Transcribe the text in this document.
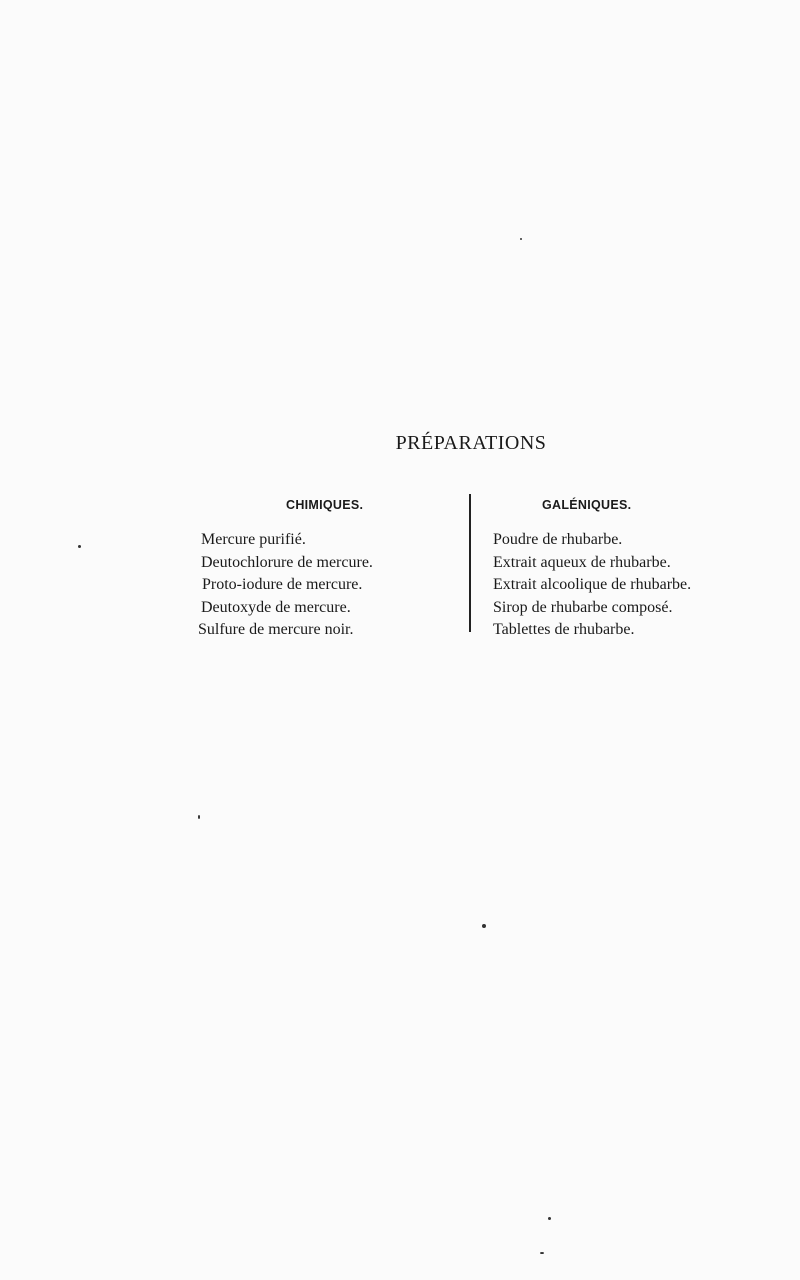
PRÉPARATIONS
CHIMIQUES.	GALÉNIQUES.
Mercure purifié.
Deutochlorure de mercure.
Proto-iodure de mercure.
Deutoxyde de mercure.
Sulfure de mercure noir.
Poudre de rhubarbe.
Extrait aqueux de rhubarbe.
Extrait alcoolique de rhubarbe.
Sirop de rhubarbe composé.
Tablettes de rhubarbe.
